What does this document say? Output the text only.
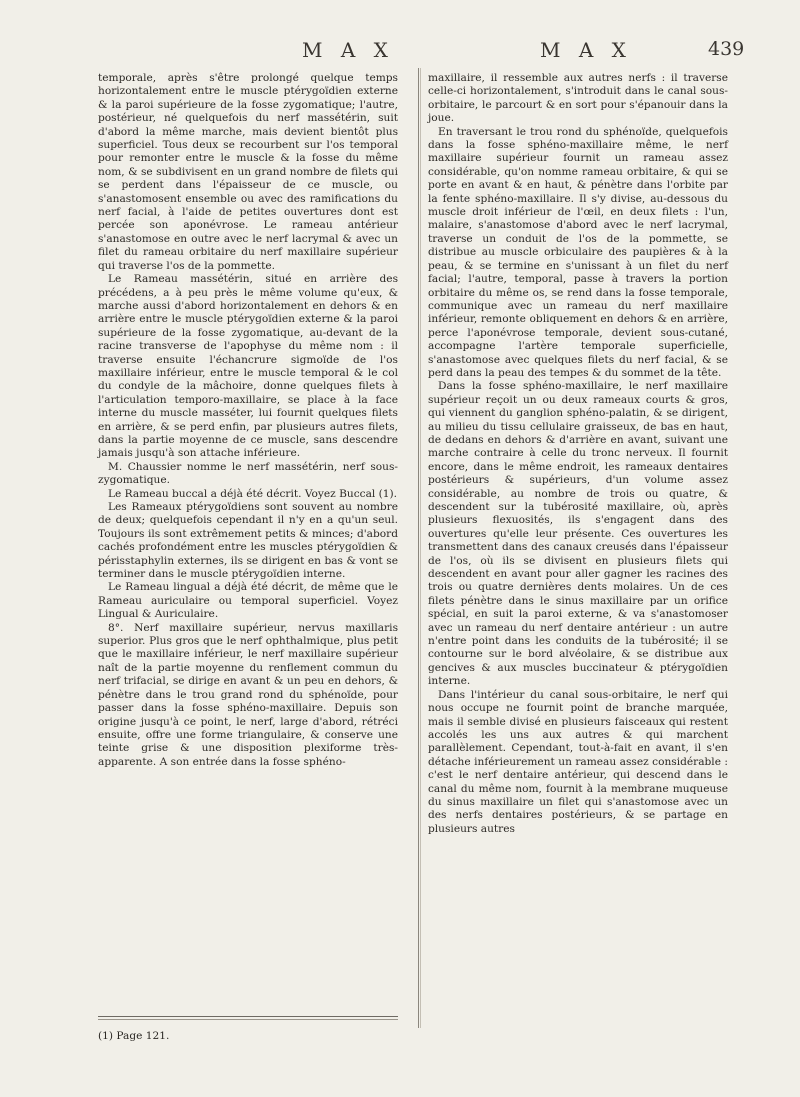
M A X	M A X	439

temporale, après s'être prolongé quelque temps horizontalement entre le muscle ptérygoïdien externe & la paroi supérieure de la fosse zygomatique; l'autre, postérieur, né quelquefois du nerf massétérin, suit d'abord la même marche, mais devient bientôt plus superficiel. Tous deux se recourbent sur l'os temporal pour remonter entre le muscle & la fosse du même nom, & se subdivisent en un grand nombre de filets qui se perdent dans l'épaisseur de ce muscle, ou s'anastomosent ensemble ou avec des ramifications du nerf facial, à l'aide de petites ouvertures dont est percée son aponévrose. Le rameau antérieur s'anastomose en outre avec le nerf lacrymal & avec un filet du rameau orbitaire du nerf maxillaire supérieur qui traverse l'os de la pommette.

Le Rameau massétérin, situé en arrière des précédens, a à peu près le même volume qu'eux, & marche aussi d'abord horizontalement en dehors & en arrière entre le muscle ptérygoïdien externe & la paroi supérieure de la fosse zygomatique, au-devant de la racine transverse de l'apophyse du même nom : il traverse ensuite l'échancrure sigmoïde de l'os maxillaire inférieur, entre le muscle temporal & le col du condyle de la mâchoire, donne quelques filets à l'articulation temporo-maxillaire, se place à la face interne du muscle masséter, lui fournit quelques filets en arrière, & se perd enfin, par plusieurs autres filets, dans la partie moyenne de ce muscle, sans descendre jamais jusqu'à son attache inférieure.

M. Chaussier nomme le nerf massétérin, nerf sous-zygomatique.

Le Rameau buccal a déjà été décrit. Voyez Buccal (1).

Les Rameaux ptérygoïdiens sont souvent au nombre de deux; quelquefois cependant il n'y en a qu'un seul. Toujours ils sont extrêmement petits & minces; d'abord cachés profondément entre les muscles ptérygoïdien & périsstaphylin externes, ils se dirigent en bas & vont se terminer dans le muscle ptérygoïdien interne.

Le Rameau lingual a déjà été décrit, de même que le Rameau auriculaire ou temporal superficiel. Voyez Lingual & Auriculaire.

8°. Nerf maxillaire supérieur, nervus maxillaris superior. Plus gros que le nerf ophthalmique, plus petit que le maxillaire inférieur, le nerf maxillaire supérieur naît de la partie moyenne du renflement commun du nerf trifacial, se dirige en avant & un peu en dehors, & pénètre dans le trou grand rond du sphénoïde, pour passer dans la fosse sphéno-maxillaire. Depuis son origine jusqu'à ce point, le nerf, large d'abord, rétréci ensuite, offre une forme triangulaire, & conserve une teinte grise & une disposition plexiforme très-apparente. A son entrée dans la fosse sphéno-

maxillaire, il ressemble aux autres nerfs : il traverse celle-ci horizontalement, s'introduit dans le canal sous-orbitaire, le parcourt & en sort pour s'épanouir dans la joue.

En traversant le trou rond du sphénoïde, quelquefois dans la fosse sphéno-maxillaire même, le nerf maxillaire supérieur fournit un rameau assez considérable, qu'on nomme rameau orbitaire, & qui se porte en avant & en haut, & pénètre dans l'orbite par la fente sphéno-maxillaire. Il s'y divise, au-dessous du muscle droit inférieur de l'œil, en deux filets : l'un, malaire, s'anastomose d'abord avec le nerf lacrymal, traverse un conduit de l'os de la pommette, se distribue au muscle orbiculaire des paupières & à la peau, & se termine en s'unissant à un filet du nerf facial; l'autre, temporal, passe à travers la portion orbitaire du même os, se rend dans la fosse temporale, communique avec un rameau du nerf maxillaire inférieur, remonte obliquement en dehors & en arrière, perce l'aponévrose temporale, devient sous-cutané, accompagne l'artère temporale superficielle, s'anastomose avec quelques filets du nerf facial, & se perd dans la peau des tempes & du sommet de la tête.

Dans la fosse sphéno-maxillaire, le nerf maxillaire supérieur reçoit un ou deux rameaux courts & gros, qui viennent du ganglion sphéno-palatin, & se dirigent, au milieu du tissu cellulaire graisseux, de bas en haut, de dedans en dehors & d'arrière en avant, suivant une marche contraire à celle du tronc nerveux. Il fournit encore, dans le même endroit, les rameaux dentaires postérieurs & supérieurs, d'un volume assez considérable, au nombre de trois ou quatre, & descendent sur la tubérosité maxillaire, où, après plusieurs flexuosités, ils s'engagent dans des ouvertures qu'elle leur présente. Ces ouvertures les transmettent dans des canaux creusés dans l'épaisseur de l'os, où ils se divisent en plusieurs filets qui descendent en avant pour aller gagner les racines des trois ou quatre dernières dents molaires. Un de ces filets pénètre dans le sinus maxillaire par un orifice spécial, en suit la paroi externe, & va s'anastomoser avec un rameau du nerf dentaire antérieur : un autre n'entre point dans les conduits de la tubérosité; il se contourne sur le bord alvéolaire, & se distribue aux gencives & aux muscles buccinateur & ptérygoïdien interne.

Dans l'intérieur du canal sous-orbitaire, le nerf qui nous occupe ne fournit point de branche marquée, mais il semble divisé en plusieurs faisceaux qui restent accolés les uns aux autres & qui marchent parallèlement. Cependant, tout-à-fait en avant, il s'en détache inférieurement un rameau assez considérable : c'est le nerf dentaire antérieur, qui descend dans le canal du même nom, fournit à la membrane muqueuse du sinus maxillaire un filet qui s'anastomose avec un des nerfs dentaires postérieurs, & se partage en plusieurs autres

(1) Page 121.
